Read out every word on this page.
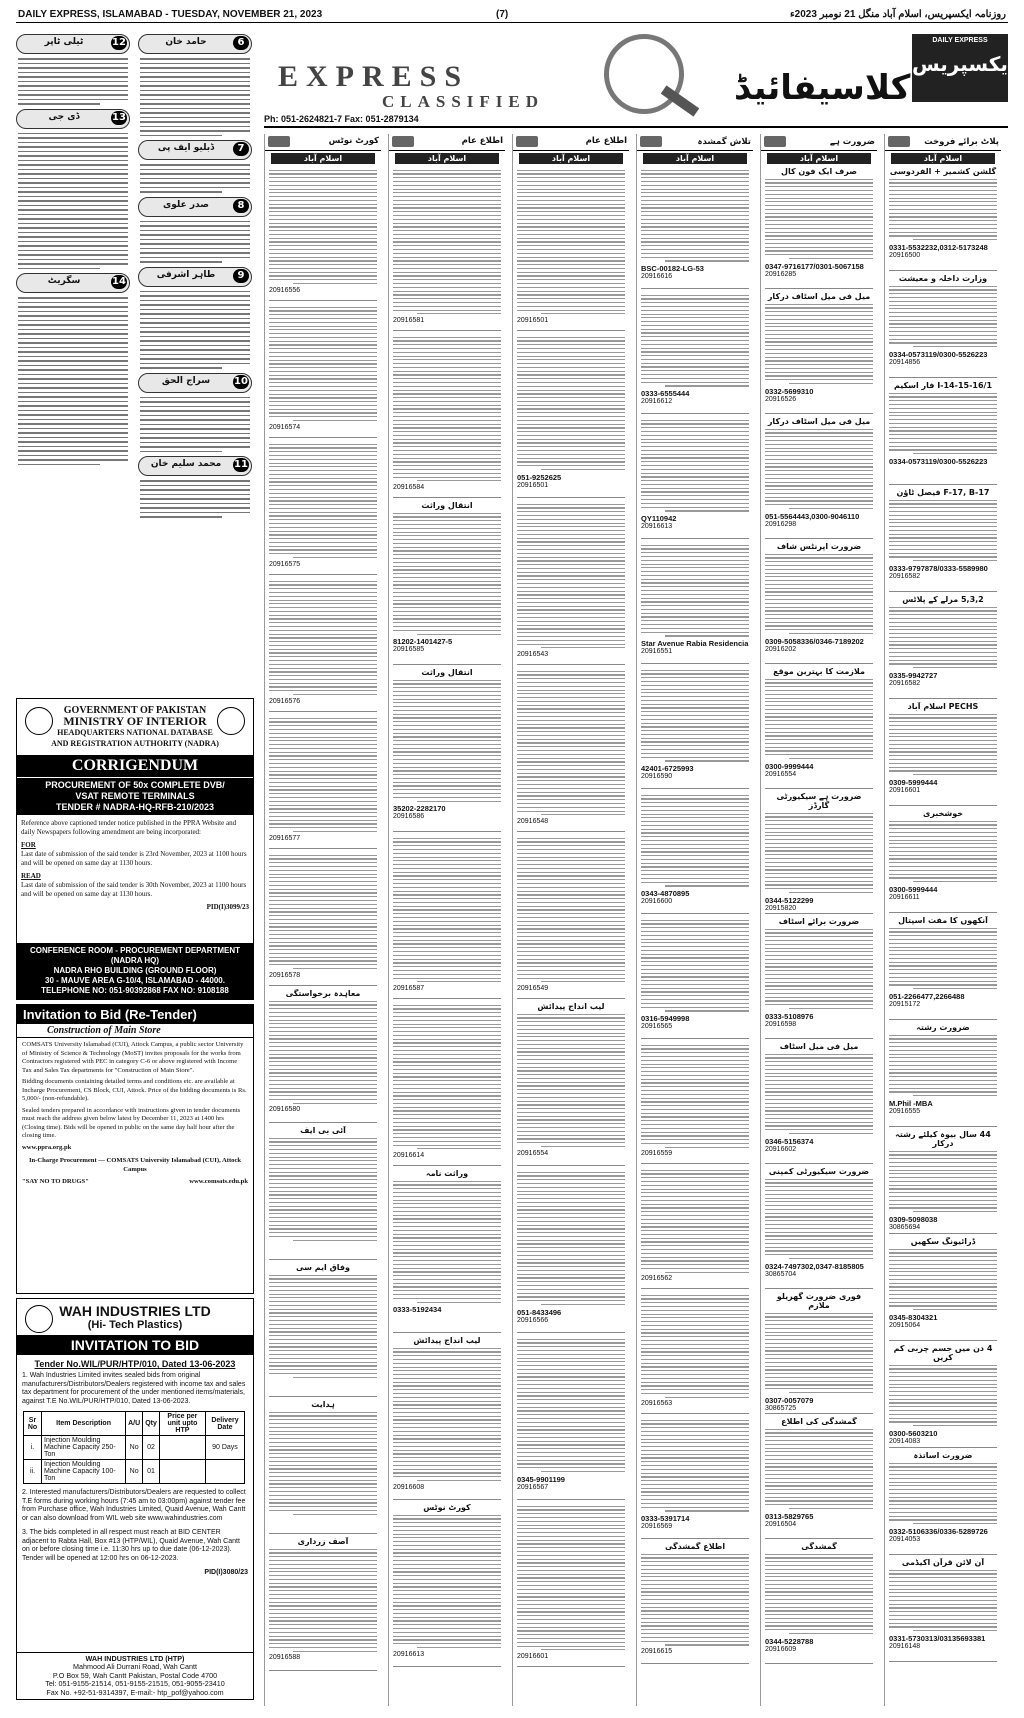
DAILY EXPRESS, ISLAMABAD - TUESDAY, NOVEMBER 21, 2023	(7)	روزنامہ ایکسپریس، اسلام آباد منگل 21 نومبر 2023ء
12
ٹیلی ٹاپر
13
ڈی جی
14
سگریٹ
6
حامد خان
7
ڈبلیو ایف پی
8
صدر علوی
9
طاہر اشرفی
10
سراج الحق
11
محمد سلیم خان
GOVERNMENT OF PAKISTAN
MINISTRY OF INTERIOR
HEADQUARTERS NATIONAL DATABASE
AND REGISTRATION AUTHORITY (NADRA)
CORRIGENDUM
PROCUREMENT OF 50x COMPLETE DVB/
VSAT REMOTE TERMINALS
TENDER # NADRA-HQ-RFB-210/2023
Reference above captioned tender notice published in the PPRA Website and daily Newspapers following amendment are being incorporated:
FOR
Last date of submission of the said tender is 23rd November, 2023 at 1100 hours and will be opened on same day at 1130 hours.
READ
Last date of submission of the said tender is 30th November, 2023 at 1100 hours and will be opened on same day at 1130 hours.
PID(I)3099/23
CONFERENCE ROOM - PROCUREMENT DEPARTMENT
(NADRA HQ)
NADRA RHO BUILDING (GROUND FLOOR)
30 - MAUVE AREA G-10/4, ISLAMABAD - 44000.
TELEPHONE NO: 051-90392868 FAX NO: 9108188
Invitation to Bid (Re-Tender)
Construction of Main Store
COMSATS University Islamabad (CUI), Attock Campus, a public sector University of Ministry of Science & Technology (MoST) invites proposals for the works from Contractors registered with PEC in category C-6 or above registered with Income Tax and Sales Tax departments for "Construction of Main Store".
Bidding documents containing detailed terms and conditions etc. are available at Incharge Procurement, CS Block, CUI, Attock. Price of the bidding documents is Rs. 5,000/- (non-refundable).
Sealed tenders prepared in accordance with instructions given in tender documents must reach the address given below latest by December 11, 2023 at 1400 hrs (Closing time). Bids will be opened in public on the same day half hour after the closing time.
www.ppra.org.pk
In-Charge Procurement — COMSATS University Islamabad (CUI), Attock Campus
"SAY NO TO DRUGS"	www.comsats.edu.pk
WAH INDUSTRIES LTD
(Hi- Tech Plastics)
INVITATION TO BID
Tender No.WIL/PUR/HTP/010, Dated 13-06-2023
1. Wah Industries Limited invites sealed bids from original manufacturers/Distributors/Dealers registered with income tax and sales tax department for procurement of the under mentioned items/materials, against T.E No.WIL/PUR/HTP/010, Dated 13-06-2023.
Sr No	Item Description	A/U	Qty	Price per unit upto HTP	Delivery Date
i.	Injection Moulding Machine Capacity 250-Ton	No	02		90 Days
ii.	Injection Moulding Machine Capacity 100-Ton	No	01		
2. Interested manufacturers/Distributors/Dealers are requested to collect T.E forms during working hours (7:45 am to 03:00pm) against tender fee from Purchase office, Wah Industries Limited, Quaid Avenue, Wah Cantt or can also download from WIL web site www.wahindustries.com
3. The bids completed in all respect must reach at BID CENTER adjacent to Rabta Hall, Box #13 (HTP/WIL), Quaid Avenue, Wah Cantt on or before closing time i.e. 11:30 hrs up to due date (06-12-2023). Tender will be opened at 12:00 hrs on 06-12-2023.
PID(I)3080/23
WAH INDUSTRIES LTD (HTP)
Mahmood Ali Durrani Road, Wah Cantt
P.O Box 59, Wah Cantt Pakistan, Postal Code 4700
Tel: 051-9155-21514, 051-9155-21515, 051-9055-23410
Fax No. +92-51-9314397, E-mail:- htp_pof@yahoo.com
EXPRESS
CLASSIFIED
Ph: 051-2624821-7 Fax: 051-2879134
کلاسیفائیڈ
DAILY EXPRESS
ایکسپریس
کورٹ نوٹس
اسلام آباد
20916556
20916574
20916575
20916576
20916577
20916578
معاہدہ برخواستگی
20916580
آئی بی ایف
وفاق ایم سی
ہدایت
آصف زرداری
20916588
اطلاع عام
اسلام آباد
20916581
20916584
انتقال وراثت
81202-1401427-5
20916585
انتقال وراثت
35202-2282170
20916586
20916587
20916614
وراثت نامہ
0333-5192434
لیب انداج پیدائش
20916608
کورٹ نوٹس
20916613
اطلاع عام
اسلام آباد
20916501
051-9252625
20916501
20916543
20916548
20916549
لیب انداج پیدائش
20916554
051-8433496
20916566
0345-9901199
20916567
20916601
تلاش گمشدہ
اسلام آباد
BSC-00182-LG-53
20916616
0333-6555444
20916612
QY110942
20916613
Star Avenue Rabia Residencia
20916551
42401-6725993
20916590
0343-4870895
20916600
0316-5949998
20916565
20916559
20916562
20916563
0333-5391714
20916569
اطلاع گمشدگی
20916615
ضرورت ہے
اسلام آباد
صرف ایک فون کال
0347-9716177/0301-5067158
20916285
میل فی میل اسٹاف درکار
0332-5699310
20916526
میل فی میل اسٹاف درکار
051-5564443,0300-9046110
20916298
ضرورت اپرنٹس شاف
0309-5058336/0346-7189202
20916202
ملازمت کا بہترین موقع
0300-9999444
20916554
ضرورت ہے سیکیورٹی گارڈز
0344-5122299
20915820
ضرورت برائے اسٹاف
0333-5108976
20916598
میل فی میل اسٹاف
0346-5156374
20916602
ضرورت سیکیورٹی کمپنی
0324-7497302,0347-8185805
30865704
فوری ضرورت گھریلو ملازم
0307-0057079
30865725
گمشدگی کی اطلاع
0313-5829765
20916504
گمشدگی
0344-5228788
20916609
پلاٹ برائے فروخت
اسلام آباد
گلشن کشمیر + الفردوسی
0331-5532232,0312-5173248
20916500
وزارت داخلہ و معیشت
0334-0573119/0300-5526223
20914856
I-14-15-16/1 فار اسکیم
0334-0573119/0300-5526223
F-17, B-17 فیصل ٹاؤن
0333-9797878/0333-5589980
20916582
5,3,2 مرلے کے پلاٹس
0335-9942727
20916582
PECHS اسلام آباد
0309-5999444
20916601
خوشخبری
0300-5999444
20916611
آنکھوں کا مفت اسپتال
051-2266477,2266488
20915172
ضرورت رشتہ
M.Phil -MBA
20916555
44 سال بیوہ کیلئے رشتہ درکار
0309-5098038
30865694
ڈرائیونگ سکھیں
0345-8304321
20915064
4 دن میں جسم چربی کم کریں
0300-5603210
20914083
ضرورت اساتذہ
0332-5106336/0336-5289726
20914053
آن لائن قرآن اکیڈمی
0331-5730313/03135693381
20916148
